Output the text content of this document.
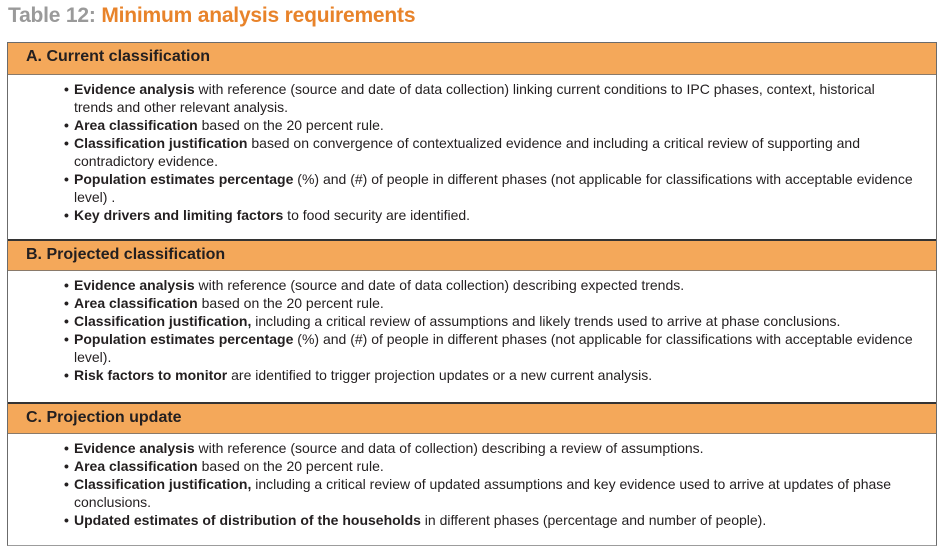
Table 12: Minimum analysis requirements
A. Current classification
• Evidence analysis with reference (source and date of data collection) linking current conditions to IPC phases, context, historical trends and other relevant analysis.
• Area classification based on the 20 percent rule.
• Classification justification based on convergence of contextualized evidence and including a critical review of supporting and contradictory evidence.
• Population estimates percentage (%) and (#) of people in different phases (not applicable for classifications with acceptable evidence level) .
• Key drivers and limiting factors to food security are identified.
B. Projected classification
• Evidence analysis with reference (source and date of data collection) describing expected trends.
• Area classification based on the 20 percent rule.
• Classification justification, including a critical review of assumptions and likely trends used to arrive at phase conclusions.
• Population estimates percentage (%) and (#) of people in different phases (not applicable for classifications with acceptable evidence level).
• Risk factors to monitor are identified to trigger projection updates or a new current analysis.
C. Projection update
• Evidence analysis with reference (source and data of collection) describing a review of assumptions.
• Area classification based on the 20 percent rule.
• Classification justification, including a critical review of updated assumptions and key evidence used to arrive at updates of phase conclusions.
• Updated estimates of distribution of the households in different phases (percentage and number of people).
